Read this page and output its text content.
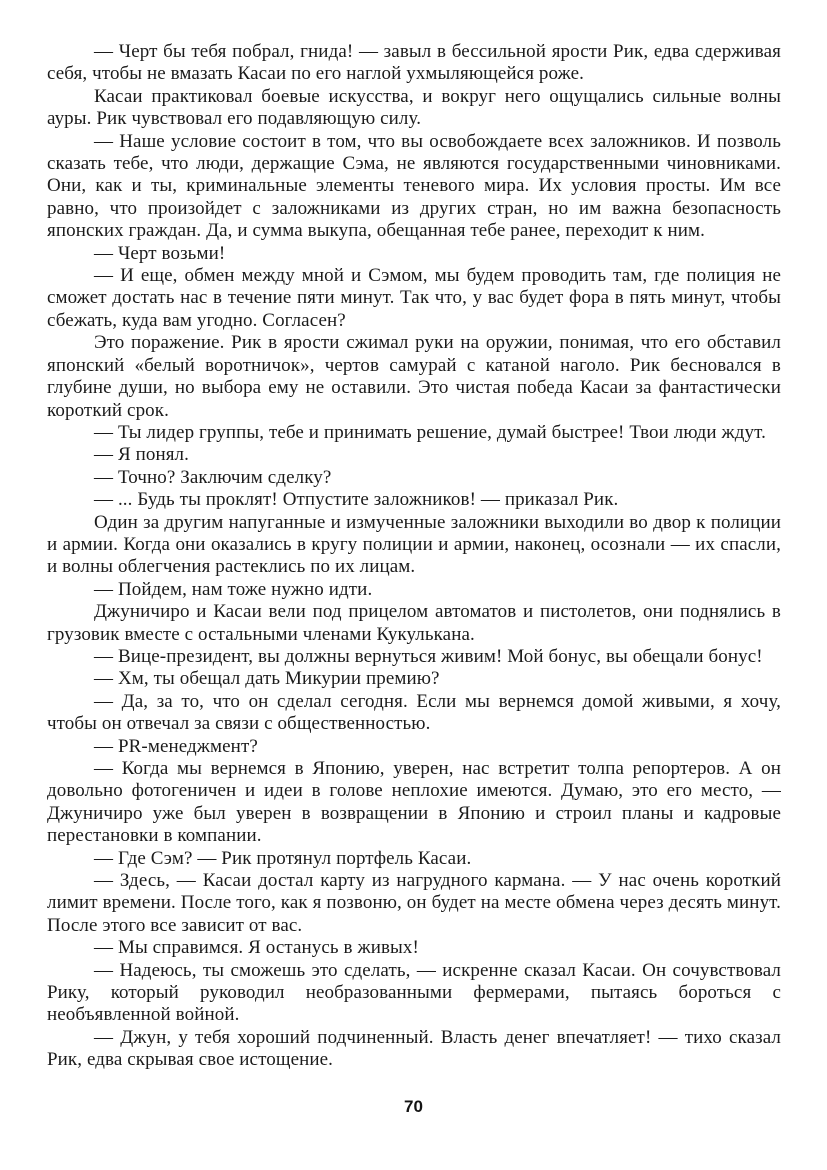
— Черт бы тебя побрал, гнида! — завыл в бессильной ярости Рик, едва сдерживая себя, чтобы не вмазать Касаи по его наглой ухмыляющейся роже.

Касаи практиковал боевые искусства, и вокруг него ощущались сильные волны ауры. Рик чувствовал его подавляющую силу.

— Наше условие состоит в том, что вы освобождаете всех заложников. И позволь сказать тебе, что люди, держащие Сэма, не являются государственными чиновниками. Они, как и ты, криминальные элементы теневого мира. Их условия просты. Им все равно, что произойдет с заложниками из других стран, но им важна безопасность японских граждан. Да, и сумма выкупа, обещанная тебе ранее, переходит к ним.

— Черт возьми!

— И еще, обмен между мной и Сэмом, мы будем проводить там, где полиция не сможет достать нас в течение пяти минут. Так что, у вас будет фора в пять минут, чтобы сбежать, куда вам угодно. Согласен?

Это поражение. Рик в ярости сжимал руки на оружии, понимая, что его обставил японский «белый воротничок», чертов самурай с катаной наголо. Рик бесновался в глубине души, но выбора ему не оставили. Это чистая победа Касаи за фантастически короткий срок.

— Ты лидер группы, тебе и принимать решение, думай быстрее! Твои люди ждут.

— Я понял.

— Точно? Заключим сделку?

— ... Будь ты проклят! Отпустите заложников! — приказал Рик.

Один за другим напуганные и измученные заложники выходили во двор к полиции и армии. Когда они оказались в кругу полиции и армии, наконец, осознали — их спасли, и волны облегчения растеклись по их лицам.

— Пойдем, нам тоже нужно идти.

Джуничиро и Касаи вели под прицелом автоматов и пистолетов, они поднялись в грузовик вместе с остальными членами Кукулькана.

— Вице-президент, вы должны вернуться живим! Мой бонус, вы обещали бонус!

— Хм, ты обещал дать Микурии премию?

— Да, за то, что он сделал сегодня. Если мы вернемся домой живыми, я хочу, чтобы он отвечал за связи с общественностью.

— PR-менеджмент?

— Когда мы вернемся в Японию, уверен, нас встретит толпа репортеров. А он довольно фотогеничен и идеи в голове неплохие имеются. Думаю, это его место, — Джуничиро уже был уверен в возвращении в Японию и строил планы и кадровые перестановки в компании.

— Где Сэм? — Рик протянул портфель Касаи.

— Здесь, — Касаи достал карту из нагрудного кармана. — У нас очень короткий лимит времени. После того, как я позвоню, он будет на месте обмена через десять минут. После этого все зависит от вас.

— Мы справимся. Я останусь в живых!

— Надеюсь, ты сможешь это сделать, — искренне сказал Касаи. Он сочувствовал Рику, который руководил необразованными фермерами, пытаясь бороться с необъявленной войной.

— Джун, у тебя хороший подчиненный. Власть денег впечатляет! — тихо сказал Рик, едва скрывая свое истощение.

70
